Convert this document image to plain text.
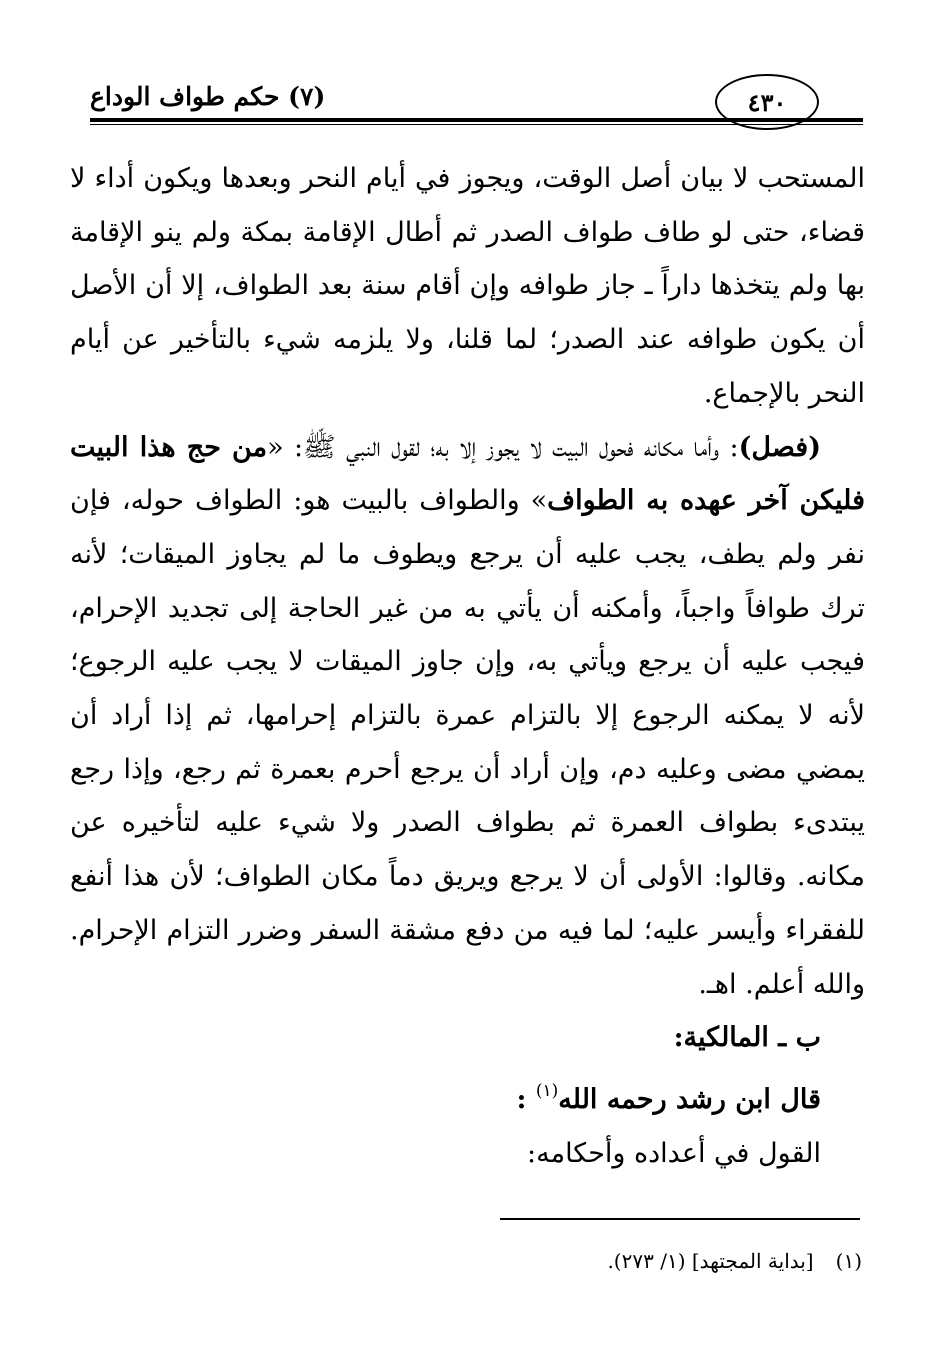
٤٣٠
(٧) حكم طواف الوداع

المستحب لا بيان أصل الوقت، ويجوز في أيام النحر وبعدها ويكون أداء لا قضاء، حتى لو طاف طواف الصدر ثم أطال الإقامة بمكة ولم ينو الإقامة بها ولم يتخذها داراً ـ جاز طوافه وإن أقام سنة بعد الطواف، إلا أن الأصل أن يكون طوافه عند الصدر؛ لما قلنا، ولا يلزمه شيء بالتأخير عن أيام النحر بالإجماع.

(فصل): وأما مكانه فحول البيت لا يجوز إلا به؛ لقول النبي ﷺ: «من حج هذا البيت فليكن آخر عهده به الطواف» والطواف بالبيت هو: الطواف حوله، فإن نفر ولم يطف، يجب عليه أن يرجع ويطوف ما لم يجاوز الميقات؛ لأنه ترك طوافاً واجباً، وأمكنه أن يأتي به من غير الحاجة إلى تجديد الإحرام، فيجب عليه أن يرجع ويأتي به، وإن جاوز الميقات لا يجب عليه الرجوع؛ لأنه لا يمكنه الرجوع إلا بالتزام عمرة بالتزام إحرامها، ثم إذا أراد أن يمضي مضى وعليه دم، وإن أراد أن يرجع أحرم بعمرة ثم رجع، وإذا رجع يبتدىء بطواف العمرة ثم بطواف الصدر ولا شيء عليه لتأخيره عن مكانه. وقالوا: الأولى أن لا يرجع ويريق دماً مكان الطواف؛ لأن هذا أنفع للفقراء وأيسر عليه؛ لما فيه من دفع مشقة السفر وضرر التزام الإحرام. والله أعلم. اهـ.

ب ـ المالكية:

قال ابن رشد رحمه الله$^{(١)}$ :

القول في أعداده وأحكامه:

(١)[بداية المجتهد] (١/ ٢٧٣).
